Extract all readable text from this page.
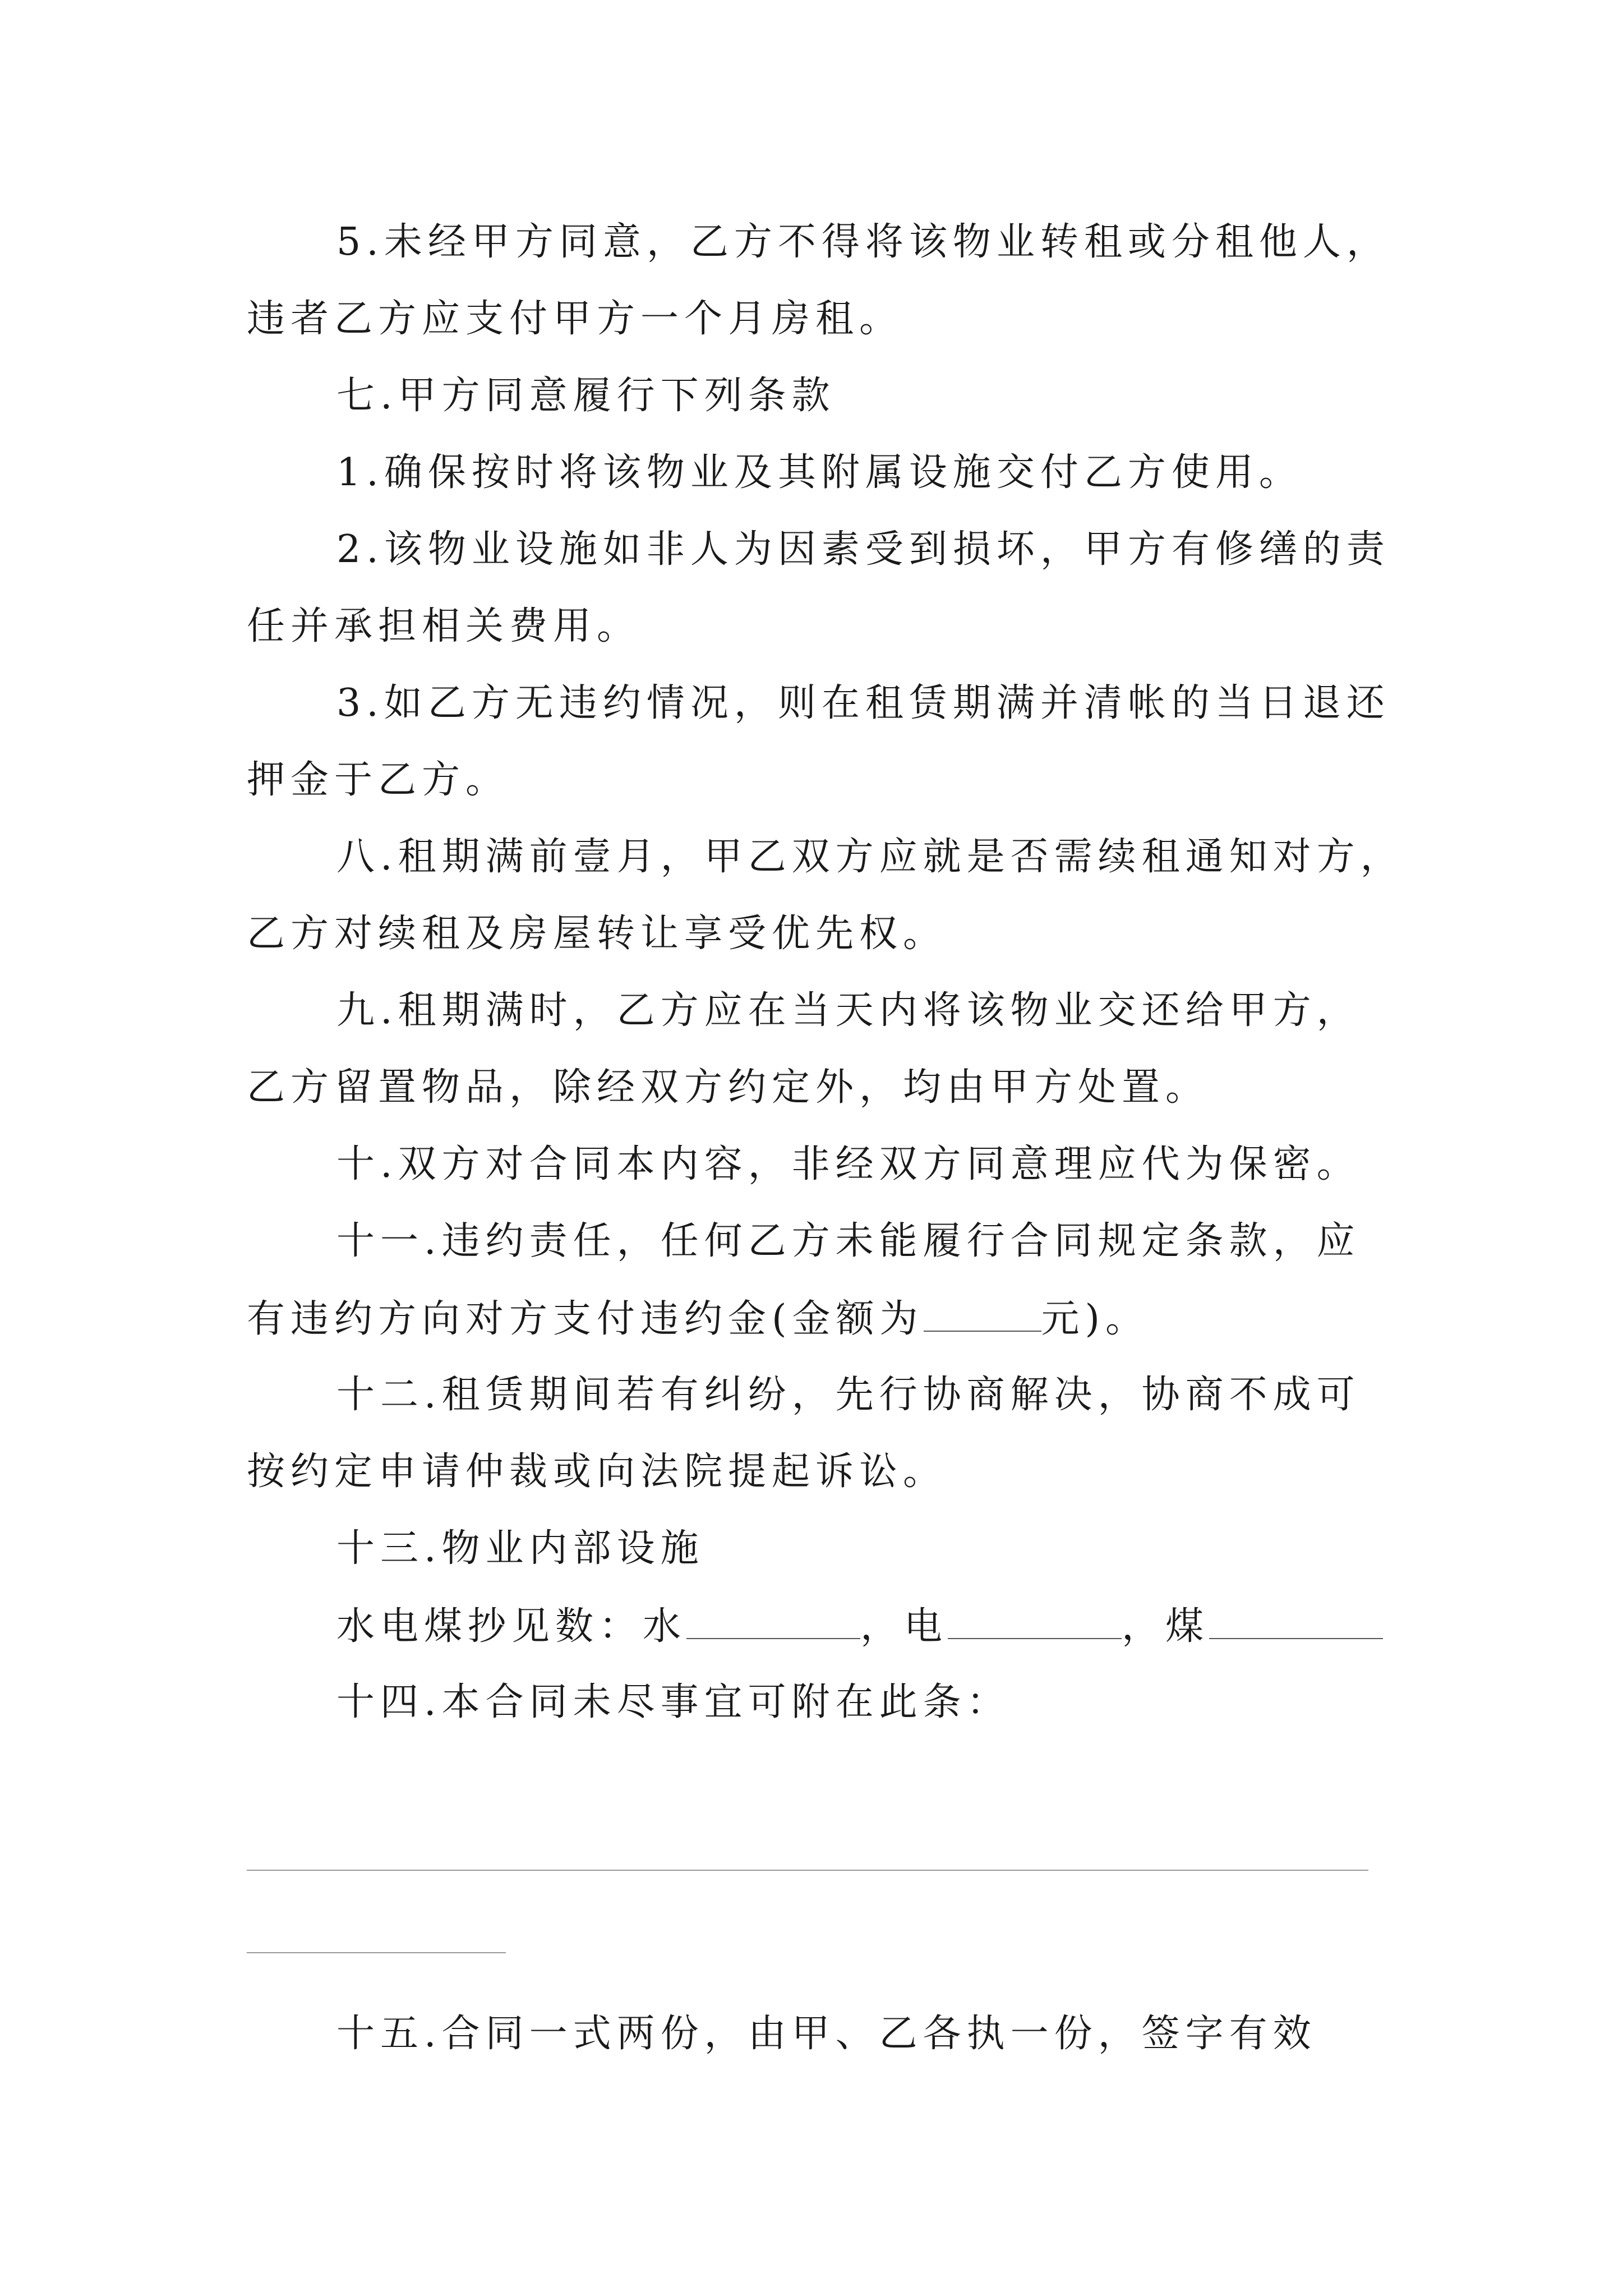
5.未经甲方同意，乙方不得将该物业转租或分租他人，
违者乙方应支付甲方一个月房租。
七.甲方同意履行下列条款
1.确保按时将该物业及其附属设施交付乙方使用。
2.该物业设施如非人为因素受到损坏，甲方有修缮的责
任并承担相关费用。
3.如乙方无违约情况，则在租赁期满并清帐的当日退还
押金于乙方。
八.租期满前壹月，甲乙双方应就是否需续租通知对方，
乙方对续租及房屋转让享受优先权。
九.租期满时，乙方应在当天内将该物业交还给甲方，
乙方留置物品，除经双方约定外，均由甲方处置。
十.双方对合同本内容，非经双方同意理应代为保密。
十一.违约责任，任何乙方未能履行合同规定条款，应
有违约方向对方支付违约金(金额为	元)。
十二.租赁期间若有纠纷，先行协商解决，协商不成可
按约定申请仲裁或向法院提起诉讼。
十三.物业内部设施
水电煤抄见数：水	，电	，煤
十四.本合同未尽事宜可附在此条：
十五.合同一式两份，由甲、乙各执一份，签字有效
